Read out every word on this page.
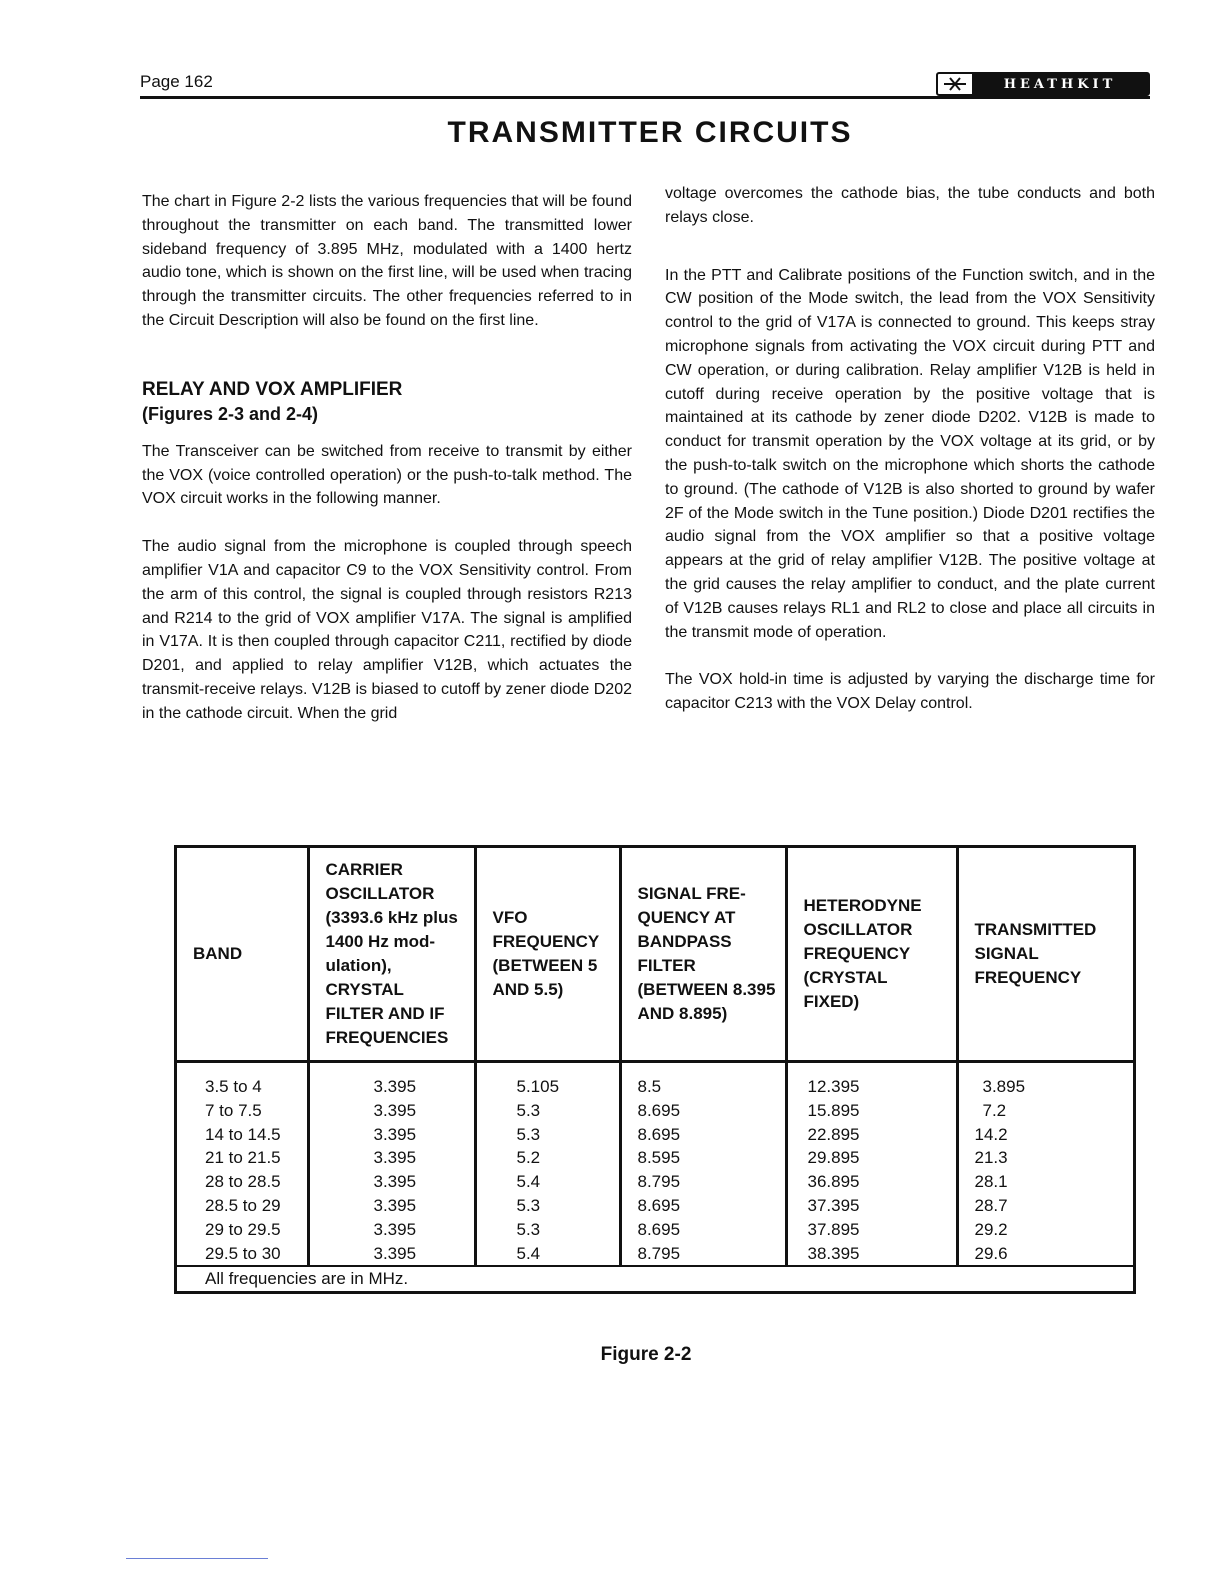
Page 162	HEATHKIT
TRANSMITTER CIRCUITS

The chart in Figure 2-2 lists the various frequencies that will be found throughout the transmitter on each band. The transmitted lower sideband frequency of 3.895 MHz, modulated with a 1400 hertz audio tone, which is shown on the first line, will be used when tracing through the transmitter circuits. The other frequencies referred to in the Circuit Description will also be found on the first line.

RELAY AND VOX AMPLIFIER
(Figures 2-3 and 2-4)

The Transceiver can be switched from receive to transmit by either the VOX (voice controlled operation) or the push-to-talk method. The VOX circuit works in the following manner.

The audio signal from the microphone is coupled through speech amplifier V1A and capacitor C9 to the VOX Sensitivity control. From the arm of this control, the signal is coupled through resistors R213 and R214 to the grid of VOX amplifier V17A. The signal is amplified in V17A. It is then coupled through capacitor C211, rectified by diode D201, and applied to relay amplifier V12B, which actuates the transmit-receive relays. V12B is biased to cutoff by zener diode D202 in the cathode circuit. When the grid

voltage overcomes the cathode bias, the tube conducts and both relays close.

In the PTT and Calibrate positions of the Function switch, and in the CW position of the Mode switch, the lead from the VOX Sensitivity control to the grid of V17A is connected to ground. This keeps stray microphone signals from activating the VOX circuit during PTT and CW operation, or during calibration. Relay amplifier V12B is held in cutoff during receive operation by the positive voltage that is maintained at its cathode by zener diode D202. V12B is made to conduct for transmit operation by the VOX voltage at its grid, or by the push-to-talk switch on the microphone which shorts the cathode to ground. (The cathode of V12B is also shorted to ground by wafer 2F of the Mode switch in the Tune position.) Diode D201 rectifies the audio signal from the VOX amplifier so that a positive voltage appears at the grid of relay amplifier V12B. The positive voltage at the grid causes the relay amplifier to conduct, and the plate current of V12B causes relays RL1 and RL2 to close and place all circuits in the transmit mode of operation.

The VOX hold-in time is adjusted by varying the discharge time for capacitor C213 with the VOX Delay control.

BAND	CARRIER OSCILLATOR (3393.6 kHz plus 1400 Hz mod- ulation), CRYSTAL FILTER AND IF FREQUENCIES	VFO FREQUENCY (BETWEEN 5 AND 5.5)	SIGNAL FRE- QUENCY AT BANDPASS FILTER (BETWEEN 8.395 AND 8.895)	HETERODYNE OSCILLATOR FREQUENCY (CRYSTAL FIXED)	TRANSMITTED SIGNAL FREQUENCY

3.5 to 4	3.395	5.105	8.5	12.395	3.895
7 to 7.5	3.395	5.3	8.695	15.895	7.2
14 to 14.5	3.395	5.3	8.695	22.895	14.2
21 to 21.5	3.395	5.2	8.595	29.895	21.3
28 to 28.5	3.395	5.4	8.795	36.895	28.1
28.5 to 29	3.395	5.3	8.695	37.395	28.7
29 to 29.5	3.395	5.3	8.695	37.895	29.2
29.5 to 30	3.395	5.4	8.795	38.395	29.6
All frequencies are in MHz.					
Figure 2-2
